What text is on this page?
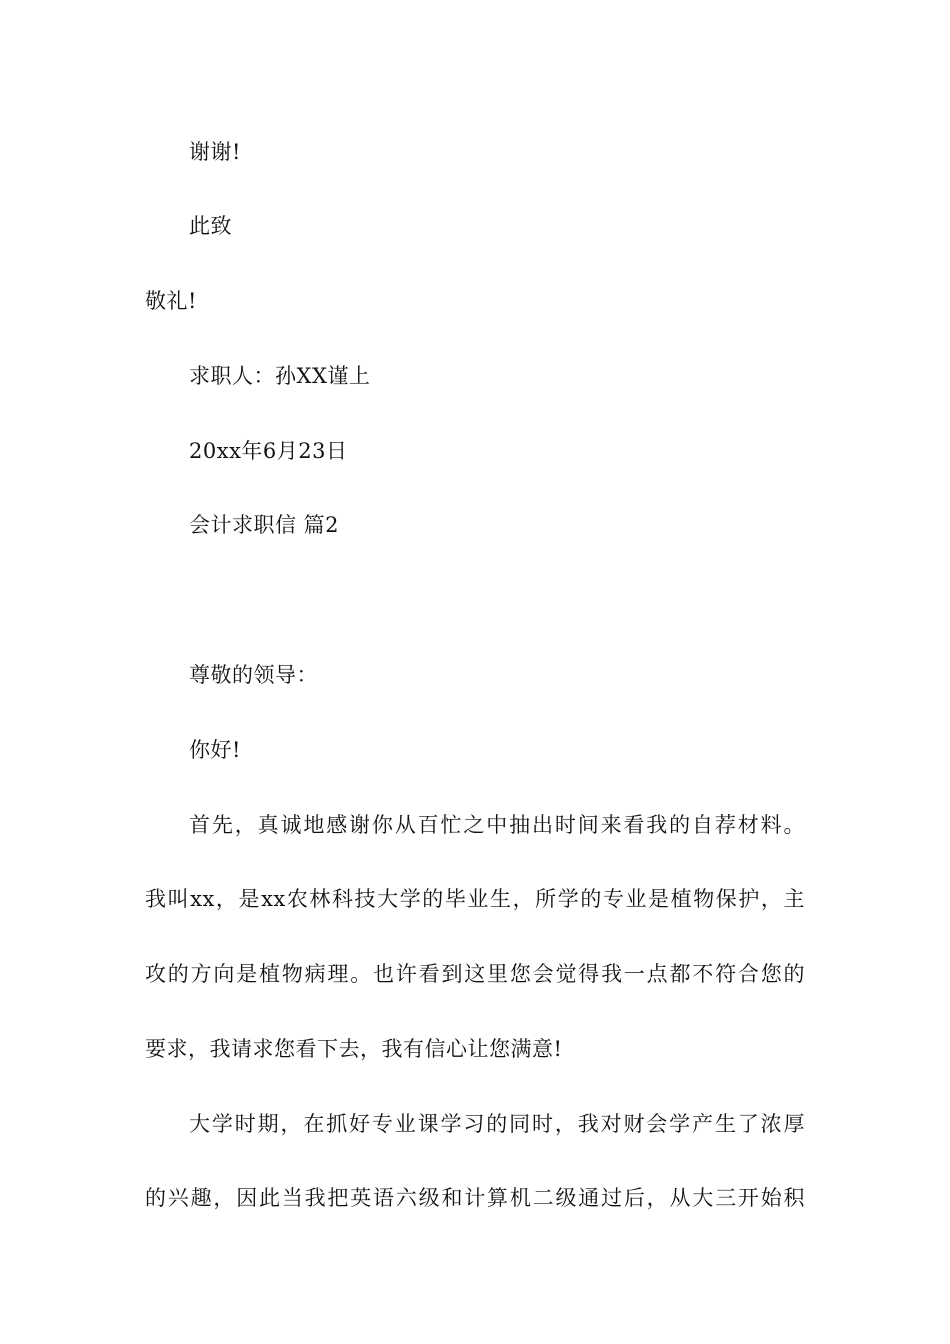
谢谢!
此致
敬礼!
求职人：孙XX谨上
20xx年6月23日
会计求职信 篇2
尊敬的领导：
你好!
首先，真诚地感谢你从百忙之中抽出时间来看我的自荐材料。
我叫xx，是xx农林科技大学的毕业生，所学的专业是植物保护，主
攻的方向是植物病理。也许看到这里您会觉得我一点都不符合您的
要求，我请求您看下去，我有信心让您满意!
大学时期，在抓好专业课学习的同时，我对财会学产生了浓厚
的兴趣，因此当我把英语六级和计算机二级通过后，从大三开始积
